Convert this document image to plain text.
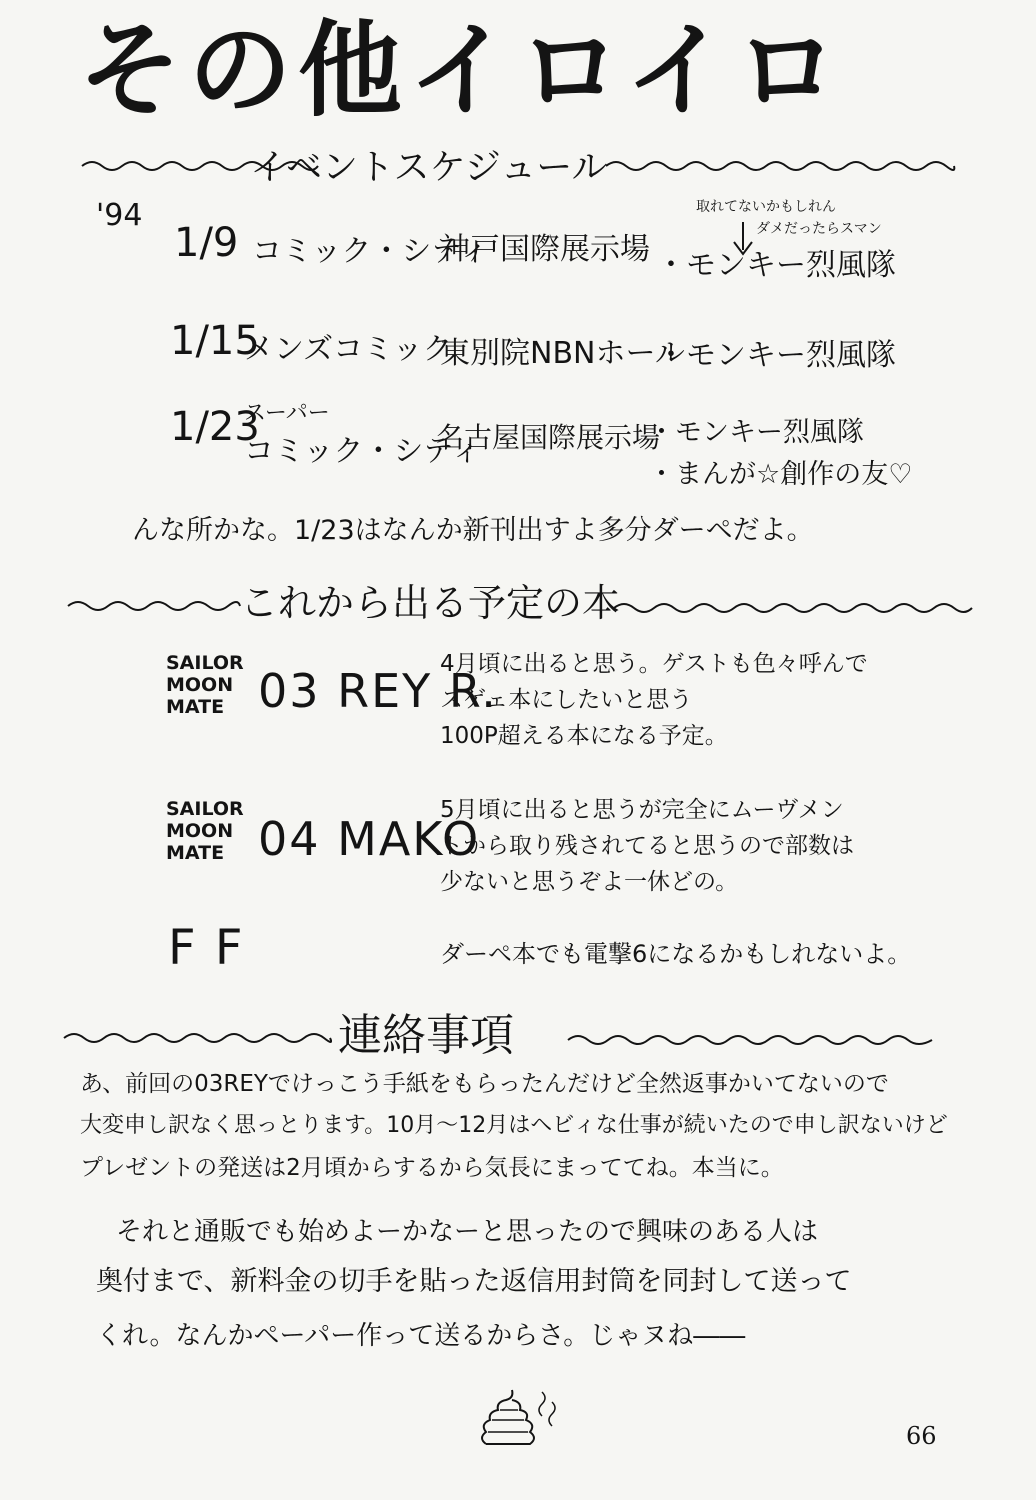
その他イロイロ
イベントスケジュール
取れてないかもしれん
ダメだったらスマン
'94
1/9 コミック・シティ
神戸国際展示場 ・モンキー烈風隊
1/15
メンズコミック
東別院NBNホール
・モンキー烈風隊
1/23
スーパー
コミック・シティ
名古屋国際展示場
・モンキー烈風隊
・まんが☆創作の友♡
んな所かな。1/23はなんか新刊出すよ多分ダーペだよ。
これから出る予定の本
SAILOR
MOON
MATE 03 REY R.
4月頃に出ると思う。ゲストも色々呼んで
スゲェ本にしたいと思う
100P超える本になる予定。
SAILOR
MOON
MATE 04 MAKO
5月頃に出ると思うが完全にムーヴメントから取り残されてると思うので部数は
少ないと思うぞよ一休どの。
F F	ダーペ本でも電撃6になるかもしれないよ。
連絡事項
あ、前回の03REYでけっこう手紙をもらったんだけど全然返事かいてないので
大変申し訳なく思っとります。10月〜12月はヘビィな仕事が続いたので申し訳ないけど
プレゼントの発送は2月頃からするから気長にまっててね。本当に。
それと通販でも始めよーかなーと思ったので興味のある人は
奥付まで、新料金の切手を貼った返信用封筒を同封して送って
くれ。なんかペーパー作って送るからさ。じゃヌね――
66
